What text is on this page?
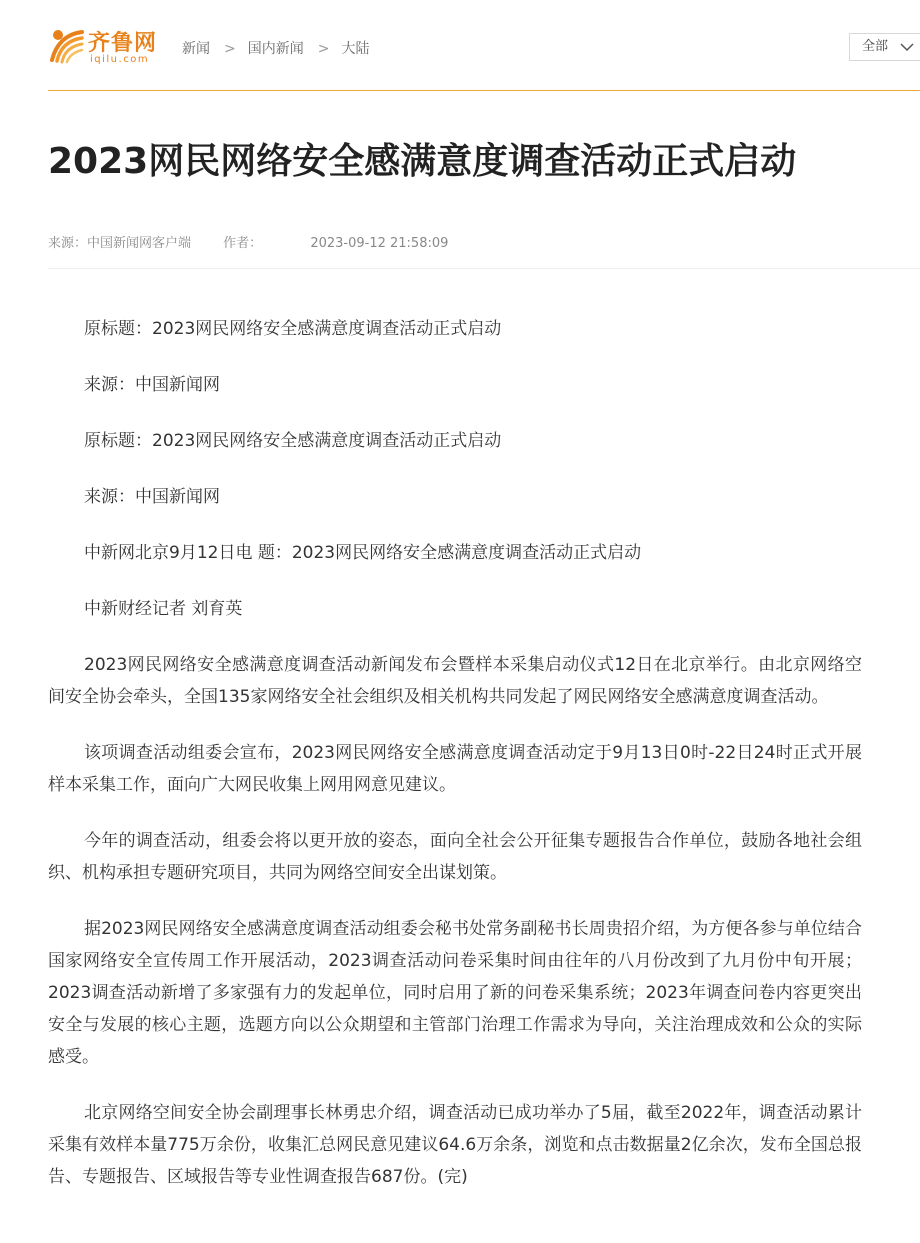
齐鲁网
iqilu.com
新闻 > 国内新闻 > 大陆	全部
2023网民网络安全感满意度调查活动正式启动
来源：中国新闻网客户端 作者：	2023-09-12 21:58:09

原标题：2023网民网络安全感满意度调查活动正式启动

来源：中国新闻网

原标题：2023网民网络安全感满意度调查活动正式启动

来源：中国新闻网

中新网北京9月12日电 题：2023网民网络安全感满意度调查活动正式启动

中新财经记者 刘育英

2023网民网络安全感满意度调查活动新闻发布会暨样本采集启动仪式12日在北京举行。由北京网络空间安全协会牵头，全国135家网络安全社会组织及相关机构共同发起了网民网络安全感满意度调查活动。

该项调查活动组委会宣布，2023网民网络安全感满意度调查活动定于9月13日0时-22日24时正式开展样本采集工作，面向广大网民收集上网用网意见建议。

今年的调查活动，组委会将以更开放的姿态，面向全社会公开征集专题报告合作单位，鼓励各地社会组织、机构承担专题研究项目，共同为网络空间安全出谋划策。

据2023网民网络安全感满意度调查活动组委会秘书处常务副秘书长周贵招介绍，为方便各参与单位结合国家网络安全宣传周工作开展活动，2023调查活动问卷采集时间由往年的八月份改到了九月份中旬开展；2023调查活动新增了多家强有力的发起单位，同时启用了新的问卷采集系统；2023年调查问卷内容更突出安全与发展的核心主题，选题方向以公众期望和主管部门治理工作需求为导向，关注治理成效和公众的实际感受。

北京网络空间安全协会副理事长林勇忠介绍，调查活动已成功举办了5届，截至2022年，调查活动累计采集有效样本量775万余份，收集汇总网民意见建议64.6万余条，浏览和点击数据量2亿余次，发布全国总报告、专题报告、区域报告等专业性调查报告687份。(完)
